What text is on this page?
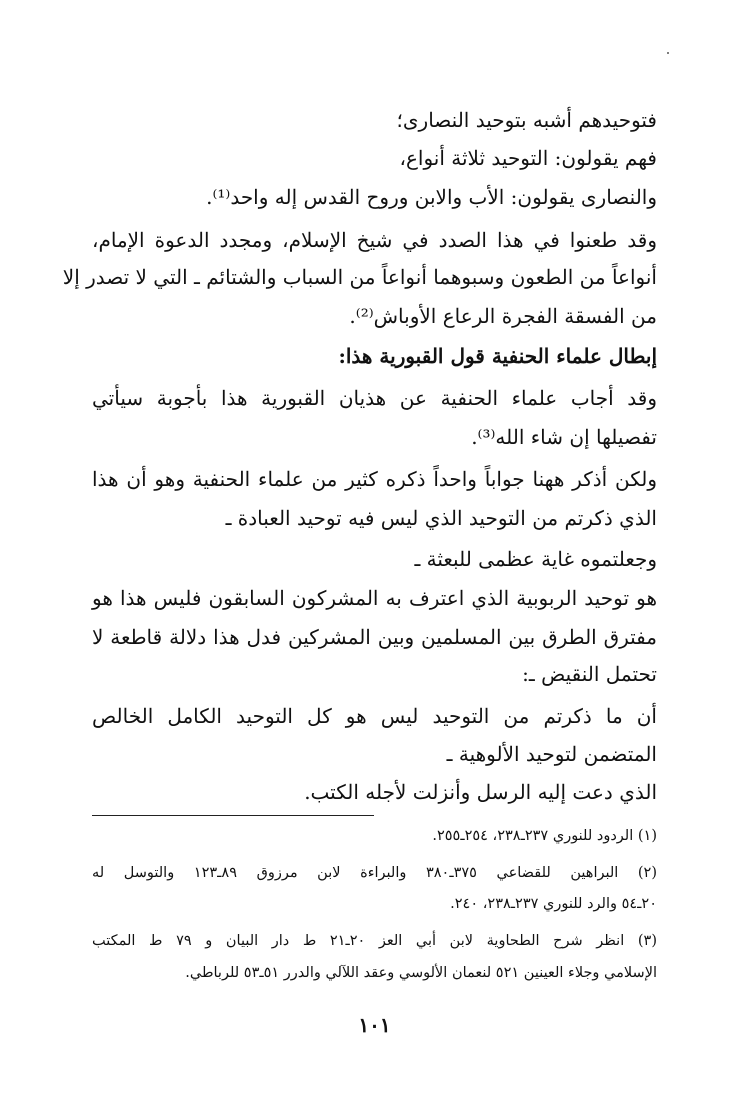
فتوحيدهم أشبه بتوحيد النصارى؛
فهم يقولون: التوحيد ثلاثة أنواع،
والنصارى يقولون: الأب والابن وروح القدس إله واحد⁽¹⁾.
وقد طعنوا في هذا الصدد في شيخ الإسلام، ومجدد الدعوة الإمام،
أنواعاً من الطعون وسبوهما أنواعاً من السباب والشتائم ـ التي لا تصدر إلا
من الفسقة الفجرة الرعاع الأوباش⁽²⁾.
إبطال علماء الحنفية قول القبورية هذا:
وقد أجاب علماء الحنفية عن هذيان القبورية هذا بأجوبة سيأتي
تفصيلها إن شاء الله⁽³⁾.
ولكن أذكر ههنا جواباً واحداً ذكره كثير من علماء الحنفية وهو أن هذا
الذي ذكرتم من التوحيد الذي ليس فيه توحيد العبادة ـ
وجعلتموه غاية عظمى للبعثة ـ
هو توحيد الربوبية الذي اعترف به المشركون السابقون فليس هذا هو
مفترق الطرق بين المسلمين وبين المشركين فدل هذا دلالة قاطعة لا
تحتمل النقيض ـ:
أن ما ذكرتم من التوحيد ليس هو كل التوحيد الكامل الخالص
المتضمن لتوحيد الألوهية ـ
الذي دعت إليه الرسل وأنزلت لأجله الكتب.
(١) الردود للنوري ٢٣٧ـ٢٣٨، ٢٥٤ـ٢٥٥.
(٢) البراهين للقضاعي ٣٧٥ـ٣٨٠ والبراءة لابن مرزوق ٨٩ـ١٢٣ والتوسل له
٢٠ـ٥٤ والرد للنوري ٢٣٧ـ٢٣٨، ٢٤٠.
(٣) انظر شرح الطحاوية لابن أبي العز ٢٠ـ٢١ ط دار البيان و ٧٩ ط المكتب
الإسلامي وجلاء العينين ٥٢١ لنعمان الألوسي وعقد اللآلي والدرر ٥١ـ٥٣ للرباطي.
١٠١
